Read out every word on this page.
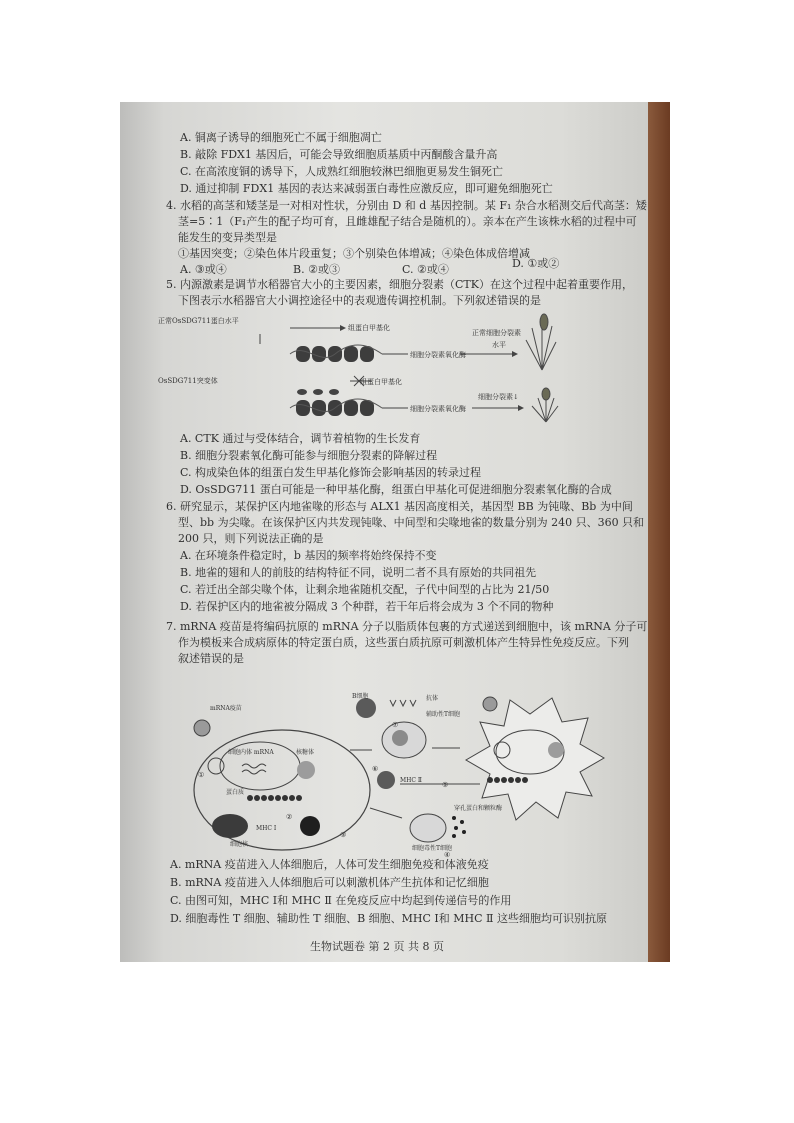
A. 铜离子诱导的细胞死亡不属于细胞凋亡
B. 敲除 FDX1 基因后，可能会导致细胞质基质中丙酮酸含量升高
C. 在高浓度铜的诱导下，人成熟红细胞较淋巴细胞更易发生铜死亡
D. 通过抑制 FDX1 基因的表达来减弱蛋白毒性应激反应，即可避免细胞死亡
4. 水稻的高茎和矮茎是一对相对性状，分别由 D 和 d 基因控制。某 F₁ 杂合水稻测交后代高茎：矮
茎=5∶1（F₁产生的配子均可育，且雌雄配子结合是随机的）。亲本在产生该株水稻的过程中可
能发生的变异类型是
①基因突变；②染色体片段重复；③个别染色体增减；④染色体成倍增减
A. ③或④	B. ②或③	C. ②或④	D. ①或②
5. 内源激素是调节水稻器官大小的主要因素，细胞分裂素（CTK）在这个过程中起着重要作用，
下图表示水稻器官大小调控途径中的表观遗传调控机制。下列叙述错误的是
正常OsSDG711蛋白水平
组蛋白甲基化
细胞分裂素氧化酶
正常细胞分裂素
水平
OsSDG711突变体	组蛋白甲基化
细胞分裂素氧化酶
细胞分裂素↓
A. CTK 通过与受体结合，调节着植物的生长发育
B. 细胞分裂素氧化酶可能参与细胞分裂素的降解过程
C. 构成染色体的组蛋白发生甲基化修饰会影响基因的转录过程
D. OsSDG711 蛋白可能是一种甲基化酶，组蛋白甲基化可促进细胞分裂素氧化酶的合成
6. 研究显示，某保护区内地雀喙的形态与 ALX1 基因高度相关，基因型 BB 为钝喙、Bb 为中间
型、bb 为尖喙。在该保护区内共发现钝喙、中间型和尖喙地雀的数量分别为 240 只、360 只和
200 只，则下列说法正确的是
A. 在环境条件稳定时，b 基因的频率将始终保持不变
B. 地雀的翅和人的前肢的结构特征不同，说明二者不具有原始的共同祖先
C. 若迁出全部尖喙个体，让剩余地雀随机交配，子代中间型的占比为 21/50
D. 若保护区内的地雀被分隔成 3 个种群，若干年后将会成为 3 个不同的物种
7. mRNA 疫苗是将编码抗原的 mRNA 分子以脂质体包裹的方式递送到细胞中，该 mRNA 分子可
作为模板来合成病原体的特定蛋白质，这些蛋白质抗原可刺激机体产生特异性免疫反应。下列
叙述错误的是
mRNA疫苗
B细胞	抗体
辅助性T细胞
细胞内体 mRNA	核糖体
蛋白质
MHC Ⅱ
MHC Ⅰ
细胞核
穿孔蛋白和颗粒酶
细胞毒性T细胞
①
②
③
④
⑤
⑥
⑦
A. mRNA 疫苗进入人体细胞后，人体可发生细胞免疫和体液免疫
B. mRNA 疫苗进入人体细胞后可以刺激机体产生抗体和记忆细胞
C. 由图可知，MHC Ⅰ和 MHC Ⅱ 在免疫反应中均起到传递信号的作用
D. 细胞毒性 T 细胞、辅助性 T 细胞、B 细胞、MHC Ⅰ和 MHC Ⅱ 这些细胞均可识别抗原
生物试题卷 第 2 页 共 8 页
